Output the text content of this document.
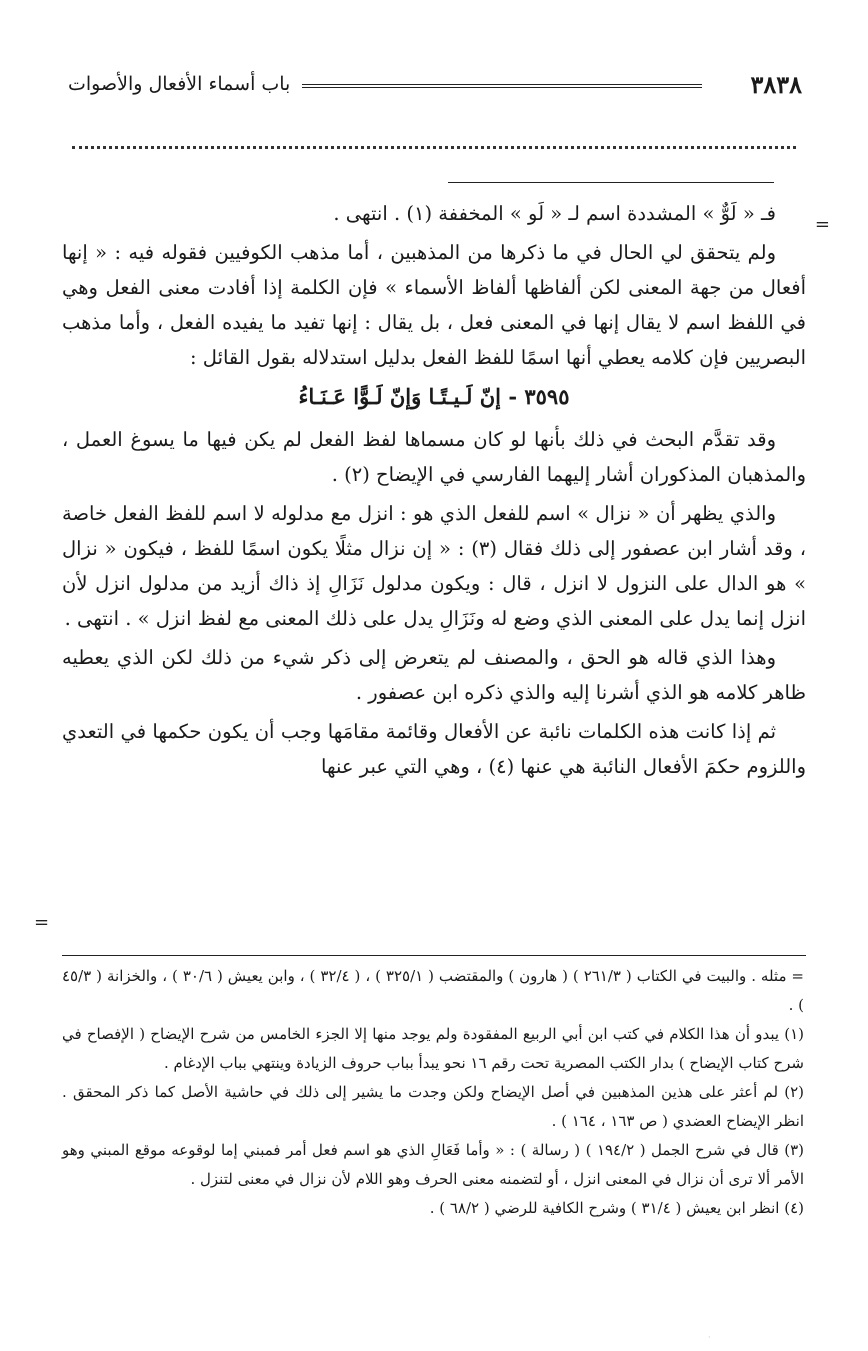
٣٨٣٨
باب أسماء الأفعال والأصوات
=
=

فـ « لَوٌّ » المشددة اسم لـ « لَو » المخففة (١) . انتهى .

ولم يتحقق لي الحال في ما ذكرها من المذهبين ، أما مذهب الكوفيين فقوله فيه : « إنها أفعال من جهة المعنى لكن ألفاظها ألفاظ الأسماء » فإن الكلمة إذا أفادت معنى الفعل وهي في اللفظ اسم لا يقال إنها في المعنى فعل ، بل يقال : إنها تفيد ما يفيده الفعل ، وأما مذهب البصريين فإن كلامه يعطي أنها اسمًا للفظ الفعل بدليل استدلاله بقول القائل :

٣٥٩٥ - إنّ لَـيـتًـا وَإنّ لَـوًّا عَـنَـاءُ

وقد تقدَّم البحث في ذلك بأنها لو كان مسماها لفظ الفعل لم يكن فيها ما يسوغ العمل ، والمذهبان المذكوران أشار إليهما الفارسي في الإيضاح (٢) .

والذي يظهر أن « نزال » اسم للفعل الذي هو : انزل مع مدلوله لا اسم للفظ الفعل خاصة ، وقد أشار ابن عصفور إلى ذلك فقال (٣) : « إن نزال مثلًا يكون اسمًا للفظ ، فيكون « نزال » هو الدال على النزول لا انزل ، قال : ويكون مدلول نَزَالِ إذ ذاك أزيد من مدلول انزل لأن انزل إنما يدل على المعنى الذي وضع له ونَزَالِ يدل على ذلك المعنى مع لفظ انزل » . انتهى .

وهذا الذي قاله هو الحق ، والمصنف لم يتعرض إلى ذكر شيء من ذلك لكن الذي يعطيه ظاهر كلامه هو الذي أشرنا إليه والذي ذكره ابن عصفور .

ثم إذا كانت هذه الكلمات نائبة عن الأفعال وقائمة مقامَها وجب أن يكون حكمها في التعدي واللزوم حكمَ الأفعال النائبة هي عنها (٤) ، وهي التي عبر عنها

= مثله . والبيت في الكتاب ( ٢٦١/٣ ) ( هارون ) والمقتضب ( ٣٢٥/١ ) ، ( ٣٢/٤ ) ، وابن يعيش ( ٣٠/٦ ) ، والخزانة ( ٤٥/٣ ) .

(١) يبدو أن هذا الكلام في كتب ابن أبي الربيع المفقودة ولم يوجد منها إلا الجزء الخامس من شرح الإيضاح ( الإفصاح في شرح كتاب الإيضاح ) بدار الكتب المصرية تحت رقم ١٦ نحو يبدأ بباب حروف الزيادة وينتهي بباب الإدغام .

(٢) لم أعثر على هذين المذهبين في أصل الإيضاح ولكن وجدت ما يشير إلى ذلك في حاشية الأصل كما ذكر المحقق . انظر الإيضاح العضدي ( ص ١٦٣ ، ١٦٤ ) .

(٣) قال في شرح الجمل ( ١٩٤/٢ ) ( رسالة ) : « وأما فَعَالِ الذي هو اسم فعل أمر فمبني إما لوقوعه موقع المبني وهو الأمر ألا ترى أن نزال في المعنى انزل ، أو لتضمنه معنى الحرف وهو اللام لأن نزال في معنى لتنزل .

(٤) انظر ابن يعيش ( ٣١/٤ ) وشرح الكافية للرضي ( ٦٨/٢ ) .

·
